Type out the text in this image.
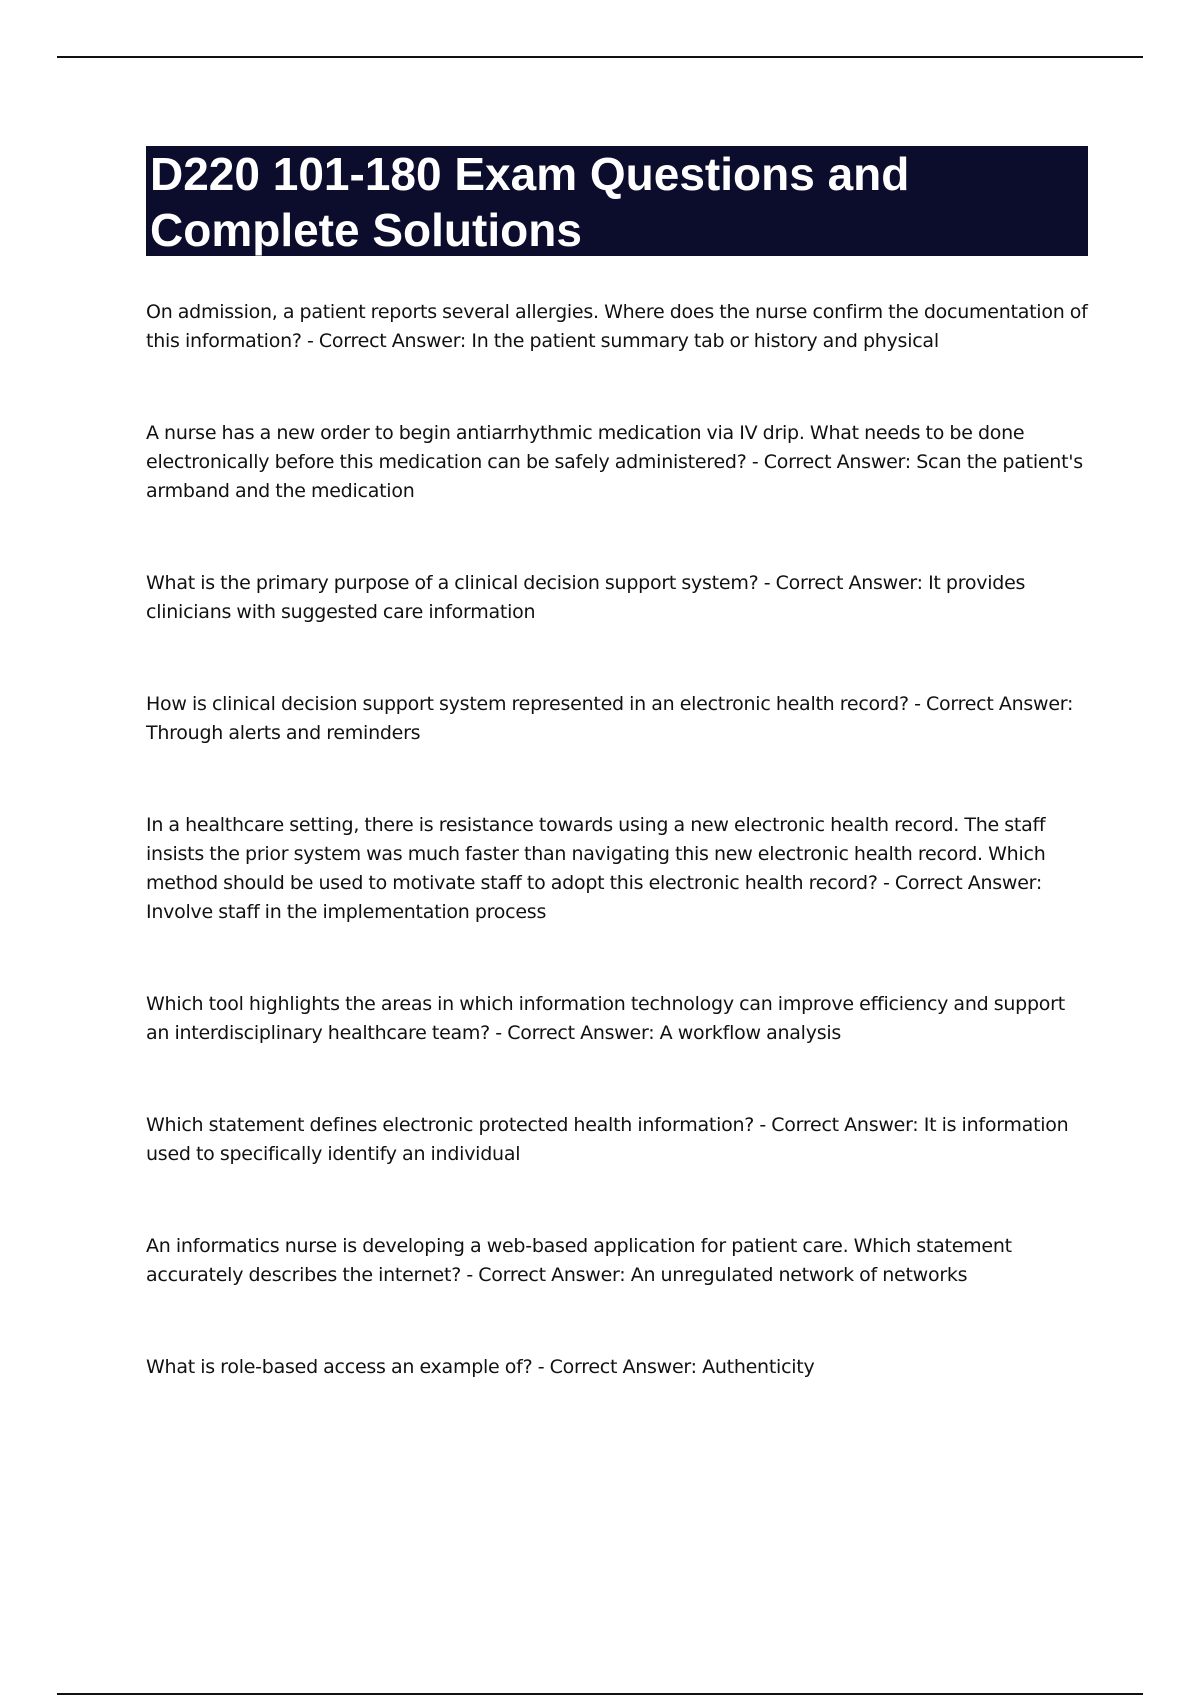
D220 101-180 Exam Questions and Complete Solutions
On admission, a patient reports several allergies. Where does the nurse confirm the documentation of this information? - Correct Answer: In the patient summary tab or history and physical
A nurse has a new order to begin antiarrhythmic medication via IV drip. What needs to be done electronically before this medication can be safely administered? - Correct Answer: Scan the patient's armband and the medication
What is the primary purpose of a clinical decision support system? - Correct Answer: It provides clinicians with suggested care information
How is clinical decision support system represented in an electronic health record? - Correct Answer: Through alerts and reminders
In a healthcare setting, there is resistance towards using a new electronic health record. The staff insists the prior system was much faster than navigating this new electronic health record. Which method should be used to motivate staff to adopt this electronic health record? - Correct Answer: Involve staff in the implementation process
Which tool highlights the areas in which information technology can improve efficiency and support an interdisciplinary healthcare team? - Correct Answer: A workflow analysis
Which statement defines electronic protected health information? - Correct Answer: It is information used to specifically identify an individual
An informatics nurse is developing a web-based application for patient care. Which statement accurately describes the internet? - Correct Answer: An unregulated network of networks
What is role-based access an example of? - Correct Answer: Authenticity
